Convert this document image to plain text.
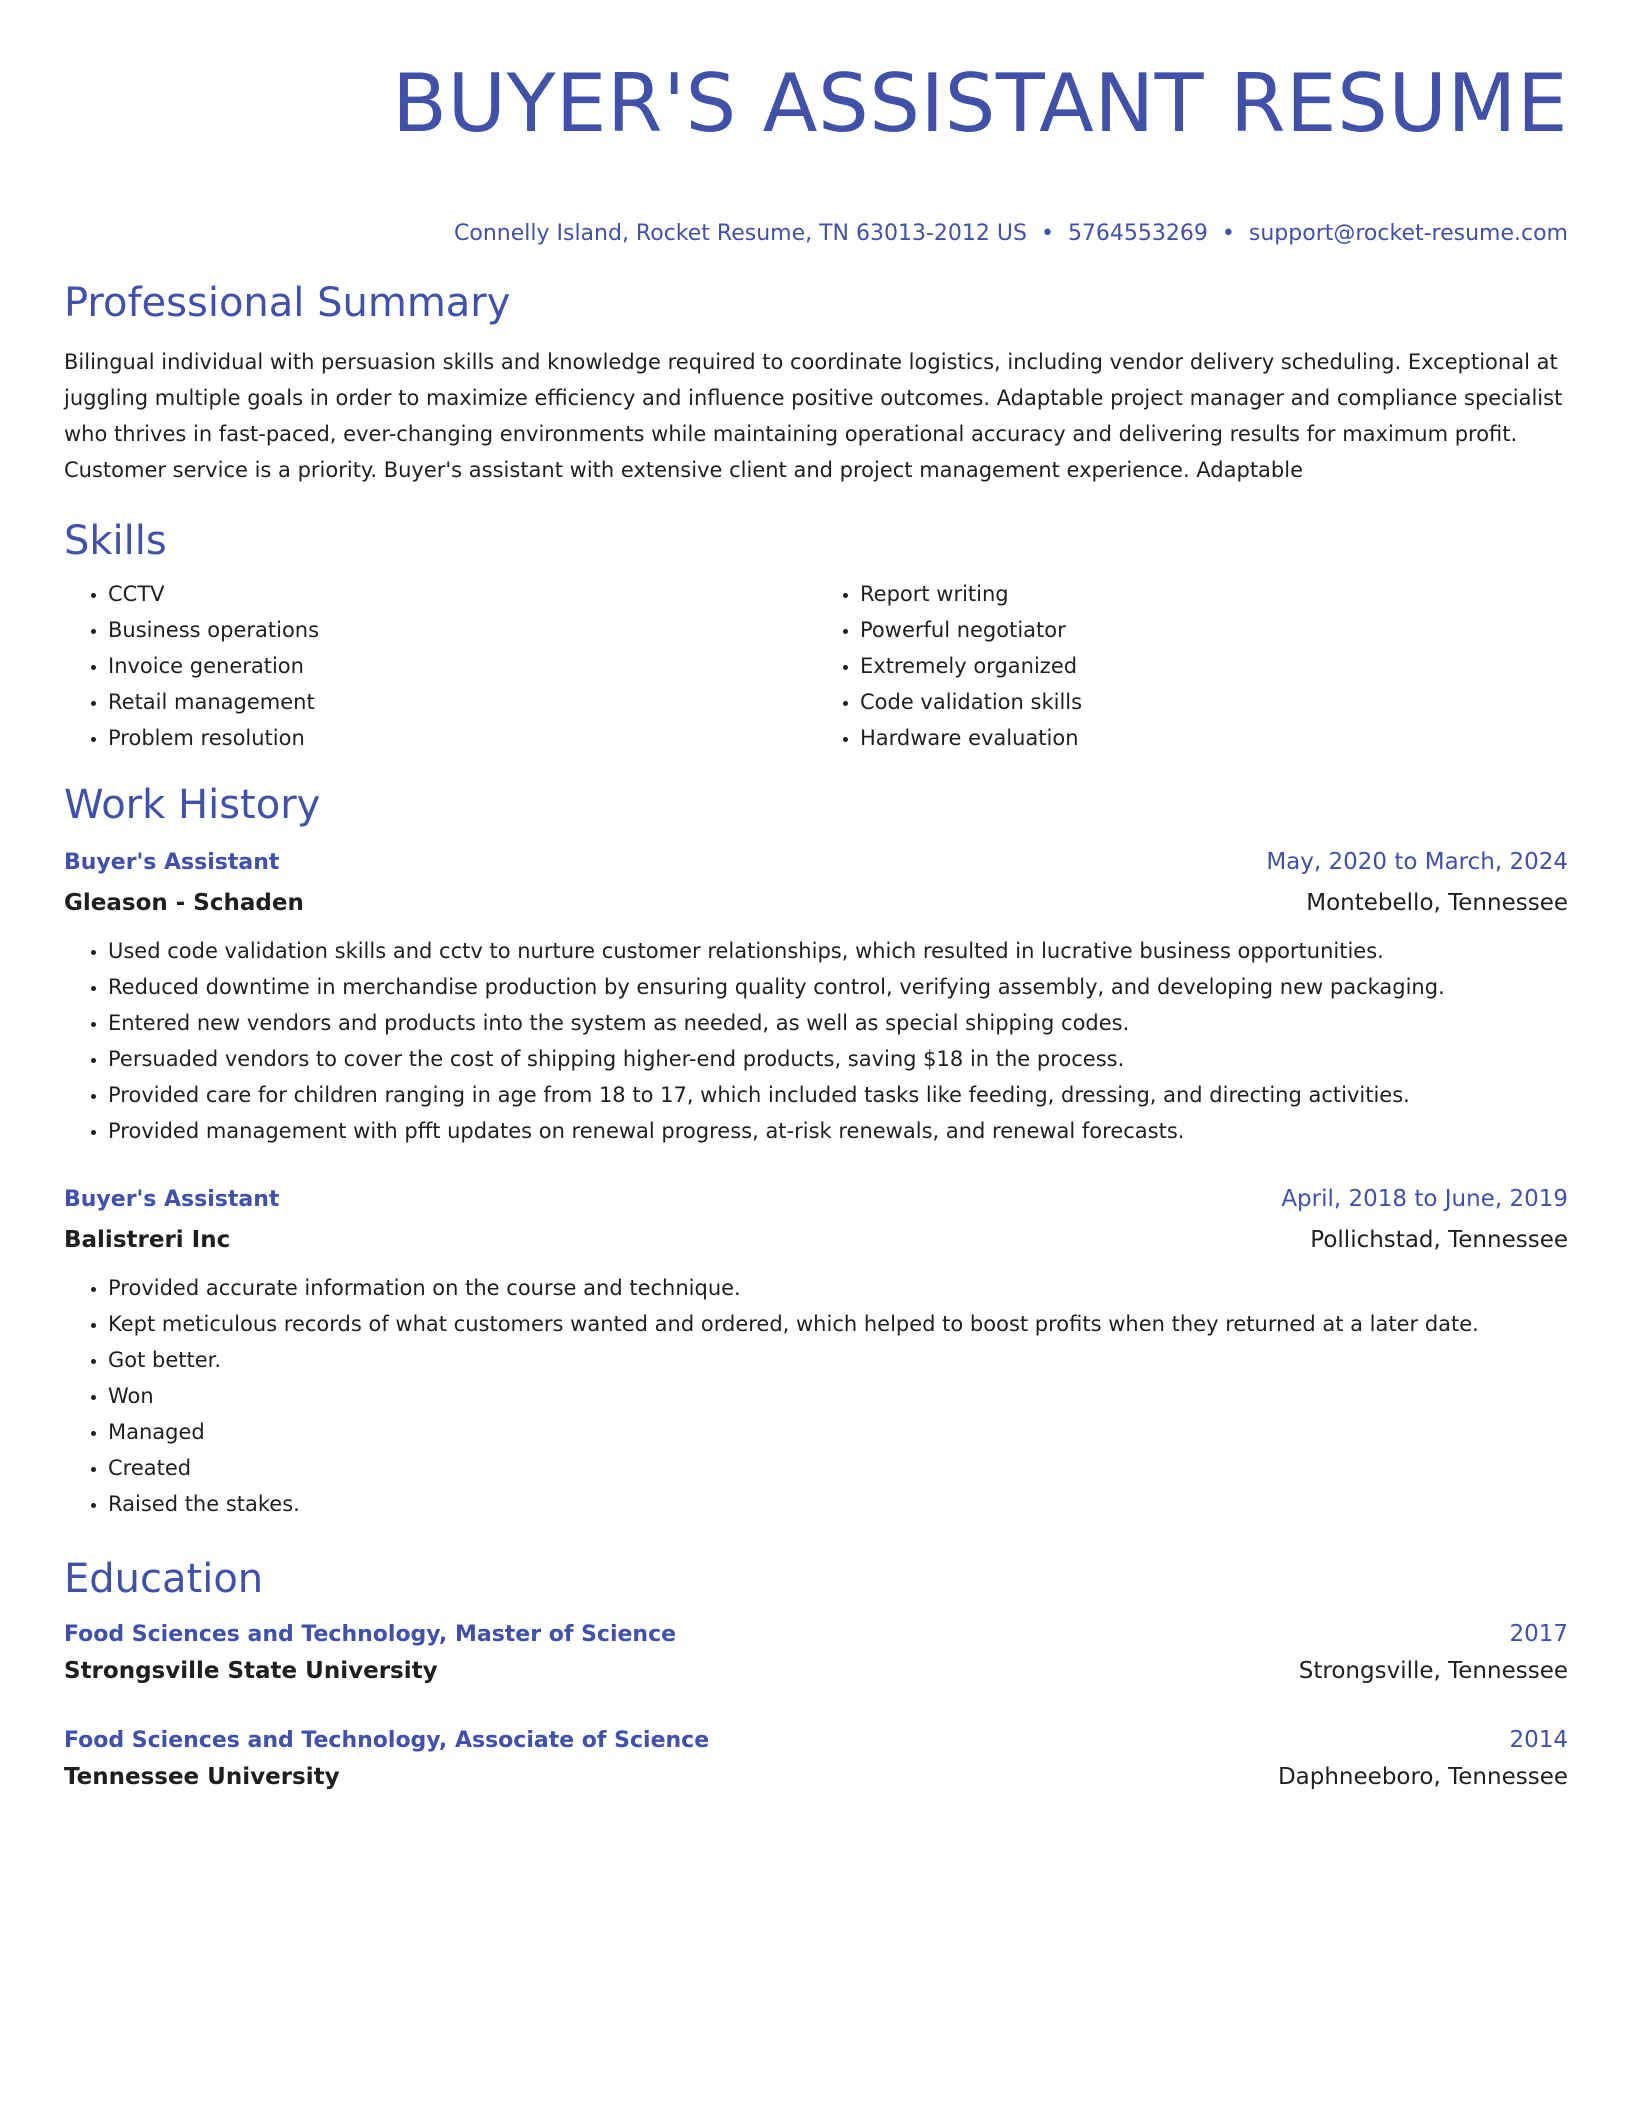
BUYER'S ASSISTANT RESUME
Connelly Island, Rocket Resume, TN 63013-2012 US • 5764553269 • support@rocket-resume.com
Professional Summary
Bilingual individual with persuasion skills and knowledge required to coordinate logistics, including vendor delivery scheduling. Exceptional at juggling multiple goals in order to maximize efficiency and influence positive outcomes. Adaptable project manager and compliance specialist who thrives in fast-paced, ever-changing environments while maintaining operational accuracy and delivering results for maximum profit. Customer service is a priority. Buyer's assistant with extensive client and project management experience. Adaptable
Skills
• CCTV
• Business operations
• Invoice generation
• Retail management
• Problem resolution
• Report writing
• Powerful negotiator
• Extremely organized
• Code validation skills
• Hardware evaluation
Work History
Buyer's Assistant	May, 2020 to March, 2024
Gleason - Schaden	Montebello, Tennessee
• Used code validation skills and cctv to nurture customer relationships, which resulted in lucrative business opportunities.
• Reduced downtime in merchandise production by ensuring quality control, verifying assembly, and developing new packaging.
• Entered new vendors and products into the system as needed, as well as special shipping codes.
• Persuaded vendors to cover the cost of shipping higher-end products, saving $18 in the process.
• Provided care for children ranging in age from 18 to 17, which included tasks like feeding, dressing, and directing activities.
• Provided management with pfft updates on renewal progress, at-risk renewals, and renewal forecasts.
Buyer's Assistant	April, 2018 to June, 2019
Balistreri Inc	Pollichstad, Tennessee
• Provided accurate information on the course and technique.
• Kept meticulous records of what customers wanted and ordered, which helped to boost profits when they returned at a later date.
• Got better.
• Won
• Managed
• Created
• Raised the stakes.
Education
Food Sciences and Technology, Master of Science	2017
Strongsville State University	Strongsville, Tennessee
Food Sciences and Technology, Associate of Science	2014
Tennessee University	Daphneeboro, Tennessee
